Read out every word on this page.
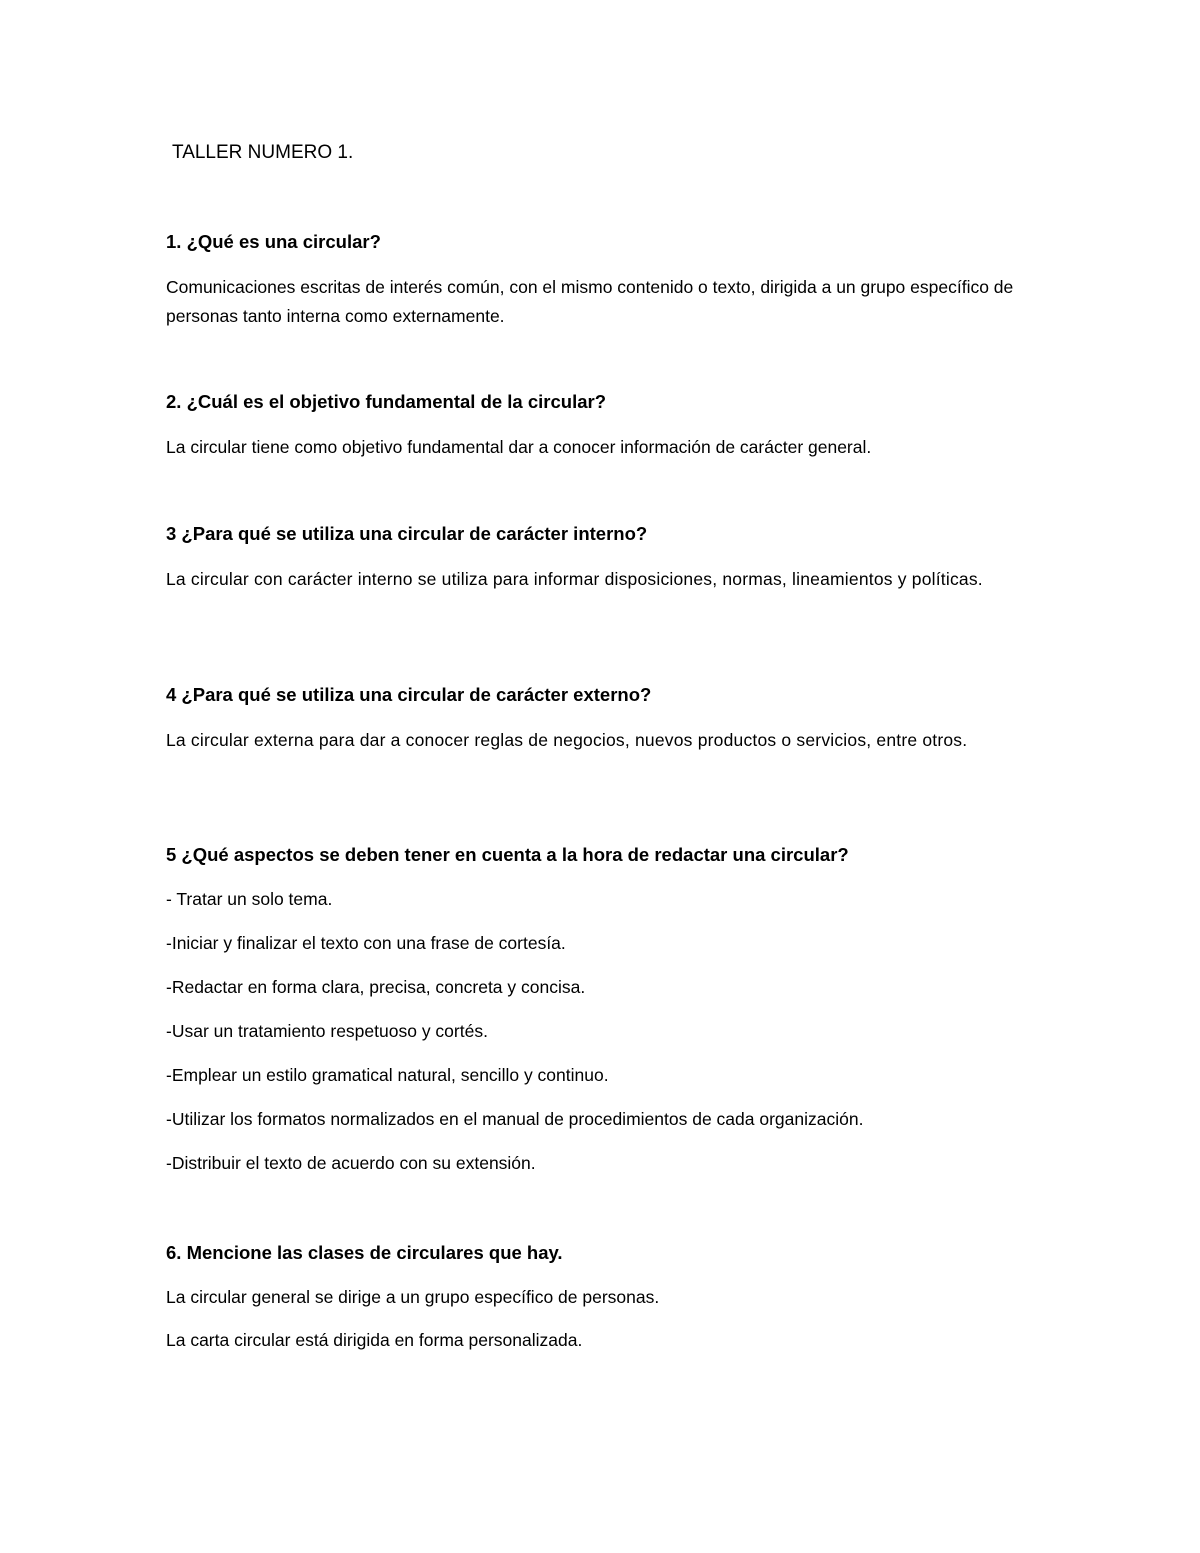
TALLER NUMERO 1.
1. ¿Qué es una circular?

Comunicaciones escritas de interés común, con el mismo contenido o texto, dirigida a un grupo específico de personas tanto interna como externamente.

2. ¿Cuál es el objetivo fundamental de la circular?

La circular tiene como objetivo fundamental dar a conocer información de carácter general.

3 ¿Para qué se utiliza una circular de carácter interno?

La circular con carácter interno se utiliza para informar disposiciones, normas, lineamientos y políticas.

4 ¿Para qué se utiliza una circular de carácter externo?

La circular externa para dar a conocer reglas de negocios, nuevos productos o servicios, entre otros.

5 ¿Qué aspectos se deben tener en cuenta a la hora de redactar una circular?
- Tratar un solo tema.
-Iniciar y finalizar el texto con una frase de cortesía.
-Redactar en forma clara, precisa, concreta y concisa.
-Usar un tratamiento respetuoso y cortés.
-Emplear un estilo gramatical natural, sencillo y continuo.
-Utilizar los formatos normalizados en el manual de procedimientos de cada organización.
-Distribuir el texto de acuerdo con su extensión.
6. Mencione las clases de circulares que hay.
La circular general se dirige a un grupo específico de personas.
La carta circular está dirigida en forma personalizada.
